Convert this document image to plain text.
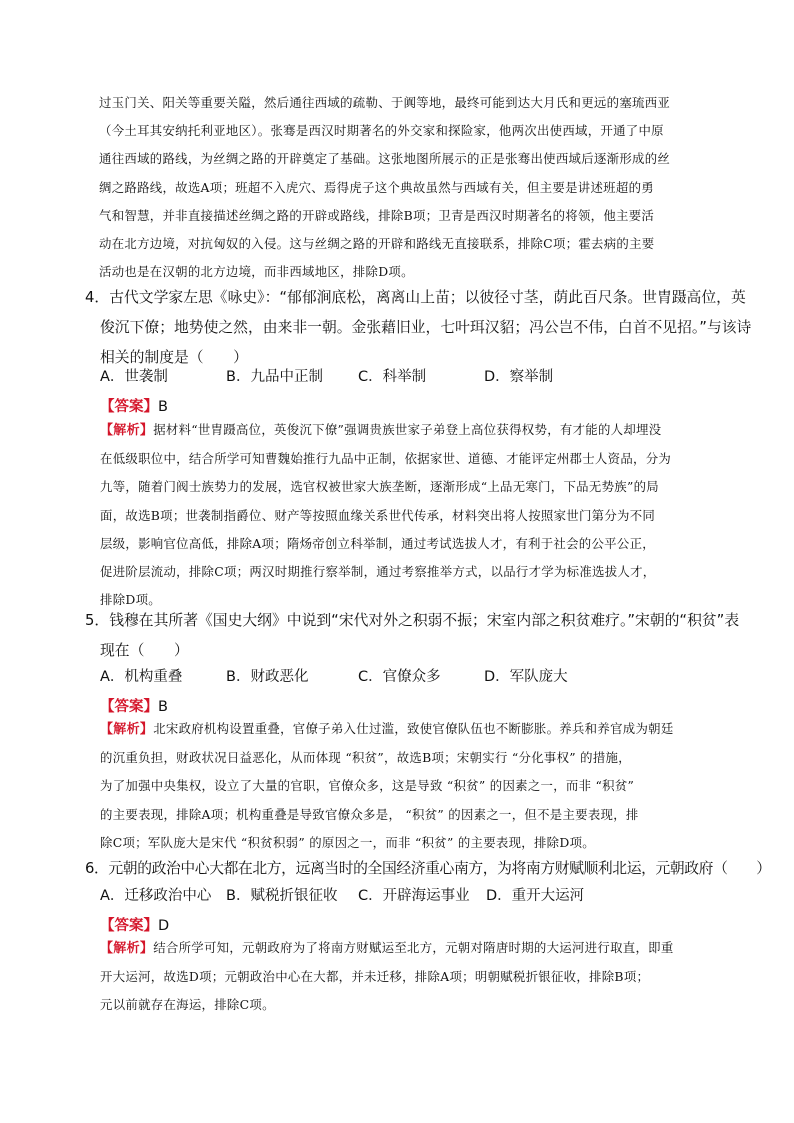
过玉门关、阳关等重要关隘，然后通往西域的疏勒、于阗等地，最终可能到达大月氏和更远的塞琉西亚
（今土耳其安纳托利亚地区）。张骞是西汉时期著名的外交家和探险家，他两次出使西域，开通了中原
通往西域的路线，为丝绸之路的开辟奠定了基础。这张地图所展示的正是张骞出使西域后逐渐形成的丝
绸之路路线，故选A项；班超不入虎穴、焉得虎子这个典故虽然与西域有关，但主要是讲述班超的勇
气和智慧，并非直接描述丝绸之路的开辟或路线，排除B项；卫青是西汉时期著名的将领，他主要活
动在北方边境，对抗匈奴的入侵。这与丝绸之路的开辟和路线无直接联系，排除C项；霍去病的主要
活动也是在汉朝的北方边境，而非西域地区，排除D项。
4．古代文学家左思《咏史》：“郁郁涧底松，离离山上苗；以彼径寸茎，荫此百尺条。世胄蹑高位，英
俊沉下僚；地势使之然，由来非一朝。金张藉旧业，七叶珥汉貂；冯公岂不伟，白首不见招。”与该诗
相关的制度是（　　）
A．世袭制	B．九品中正制	C．科举制	D．察举制
【答案】B
【解析】据材料“世胄蹑高位，英俊沉下僚”强调贵族世家子弟登上高位获得权势，有才能的人却埋没
在低级职位中，结合所学可知曹魏始推行九品中正制，依据家世、道德、才能评定州郡士人资品，分为
九等，随着门阀士族势力的发展，选官权被世家大族垄断，逐渐形成“上品无寒门，下品无势族”的局
面，故选B项；世袭制指爵位、财产等按照血缘关系世代传承，材料突出将人按照家世门第分为不同
层级，影响官位高低，排除A项；隋炀帝创立科举制，通过考试选拔人才，有利于社会的公平公正，
促进阶层流动，排除C项；两汉时期推行察举制，通过考察推举方式，以品行才学为标准选拔人才，
排除D项。
5．钱穆在其所著《国史大纲》中说到“宋代对外之积弱不振；宋室内部之积贫难疗。”宋朝的“积贫”表
现在（　　）
A．机构重叠	B．财政恶化	C．官僚众多	D．军队庞大
【答案】B
【解析】北宋政府机构设置重叠，官僚子弟入仕过滥，致使官僚队伍也不断膨胀。养兵和养官成为朝廷
的沉重负担，财政状况日益恶化，从而体现 “积贫”，故选B项；宋朝实行 “分化事权” 的措施，
为了加强中央集权，设立了大量的官职，官僚众多，这是导致 “积贫” 的因素之一，而非 “积贫”
的主要表现，排除A项；机构重叠是导致官僚众多是， “积贫” 的因素之一，但不是主要表现，排
除C项；军队庞大是宋代 “积贫积弱” 的原因之一，而非 “积贫” 的主要表现，排除D项。
6．元朝的政治中心大都在北方，远离当时的全国经济重心南方，为将南方财赋顺利北运，元朝政府（　　）
A．迁移政治中心	B．赋税折银征收	C．开辟海运事业	D．重开大运河
【答案】D
【解析】结合所学可知，元朝政府为了将南方财赋运至北方，元朝对隋唐时期的大运河进行取直，即重
开大运河，故选D项；元朝政治中心在大都，并未迁移，排除A项；明朝赋税折银征收，排除B项；
元以前就存在海运，排除C项。
